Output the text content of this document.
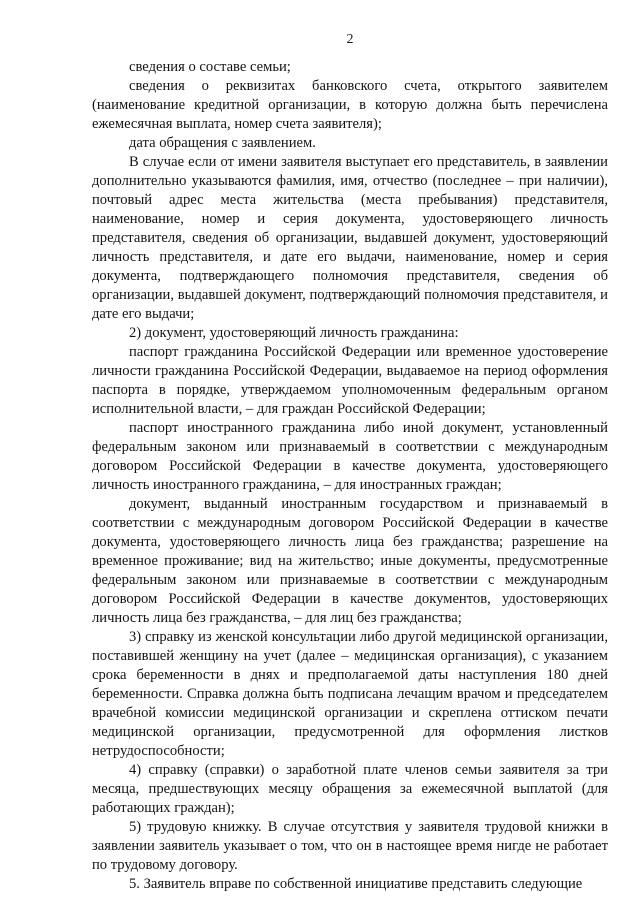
2

сведения о составе семьи;

сведения о реквизитах банковского счета, открытого заявителем (наименование кредитной организации, в которую должна быть перечислена ежемесячная выплата, номер счета заявителя);

дата обращения с заявлением.

В случае если от имени заявителя выступает его представитель, в заявлении дополнительно указываются фамилия, имя, отчество (последнее – при наличии), почтовый адрес места жительства (места пребывания) представителя, наименование, номер и серия документа, удостоверяющего личность представителя, сведения об организации, выдавшей документ, удостоверяющий личность представителя, и дате его выдачи, наименование, номер и серия документа, подтверждающего полномочия представителя, сведения об организации, выдавшей документ, подтверждающий полномочия представителя, и дате его выдачи;

2) документ, удостоверяющий личность гражданина:

паспорт гражданина Российской Федерации или временное удостоверение личности гражданина Российской Федерации, выдаваемое на период оформления паспорта в порядке, утверждаемом уполномоченным федеральным органом исполнительной власти, – для граждан Российской Федерации;

паспорт иностранного гражданина либо иной документ, установленный федеральным законом или признаваемый в соответствии с международным договором Российской Федерации в качестве документа, удостоверяющего личность иностранного гражданина, – для иностранных граждан;

документ, выданный иностранным государством и признаваемый в соответствии с международным договором Российской Федерации в качестве документа, удостоверяющего личность лица без гражданства; разрешение на временное проживание; вид на жительство; иные документы, предусмотренные федеральным законом или признаваемые в соответствии с международным договором Российской Федерации в качестве документов, удостоверяющих личность лица без гражданства, – для лиц без гражданства;

3) справку из женской консультации либо другой медицинской организации, поставившей женщину на учет (далее – медицинская организация), с указанием срока беременности в днях и предполагаемой даты наступления 180 дней беременности. Справка должна быть подписана лечащим врачом и председателем врачебной комиссии медицинской организации и скреплена оттиском печати медицинской организации, предусмотренной для оформления листков нетрудоспособности;

4) справку (справки) о заработной плате членов семьи заявителя за три месяца, предшествующих месяцу обращения за ежемесячной выплатой (для работающих граждан);

5) трудовую книжку. В случае отсутствия у заявителя трудовой книжки в заявлении заявитель указывает о том, что он в настоящее время нигде не работает по трудовому договору.

5. Заявитель вправе по собственной инициативе представить следующие
